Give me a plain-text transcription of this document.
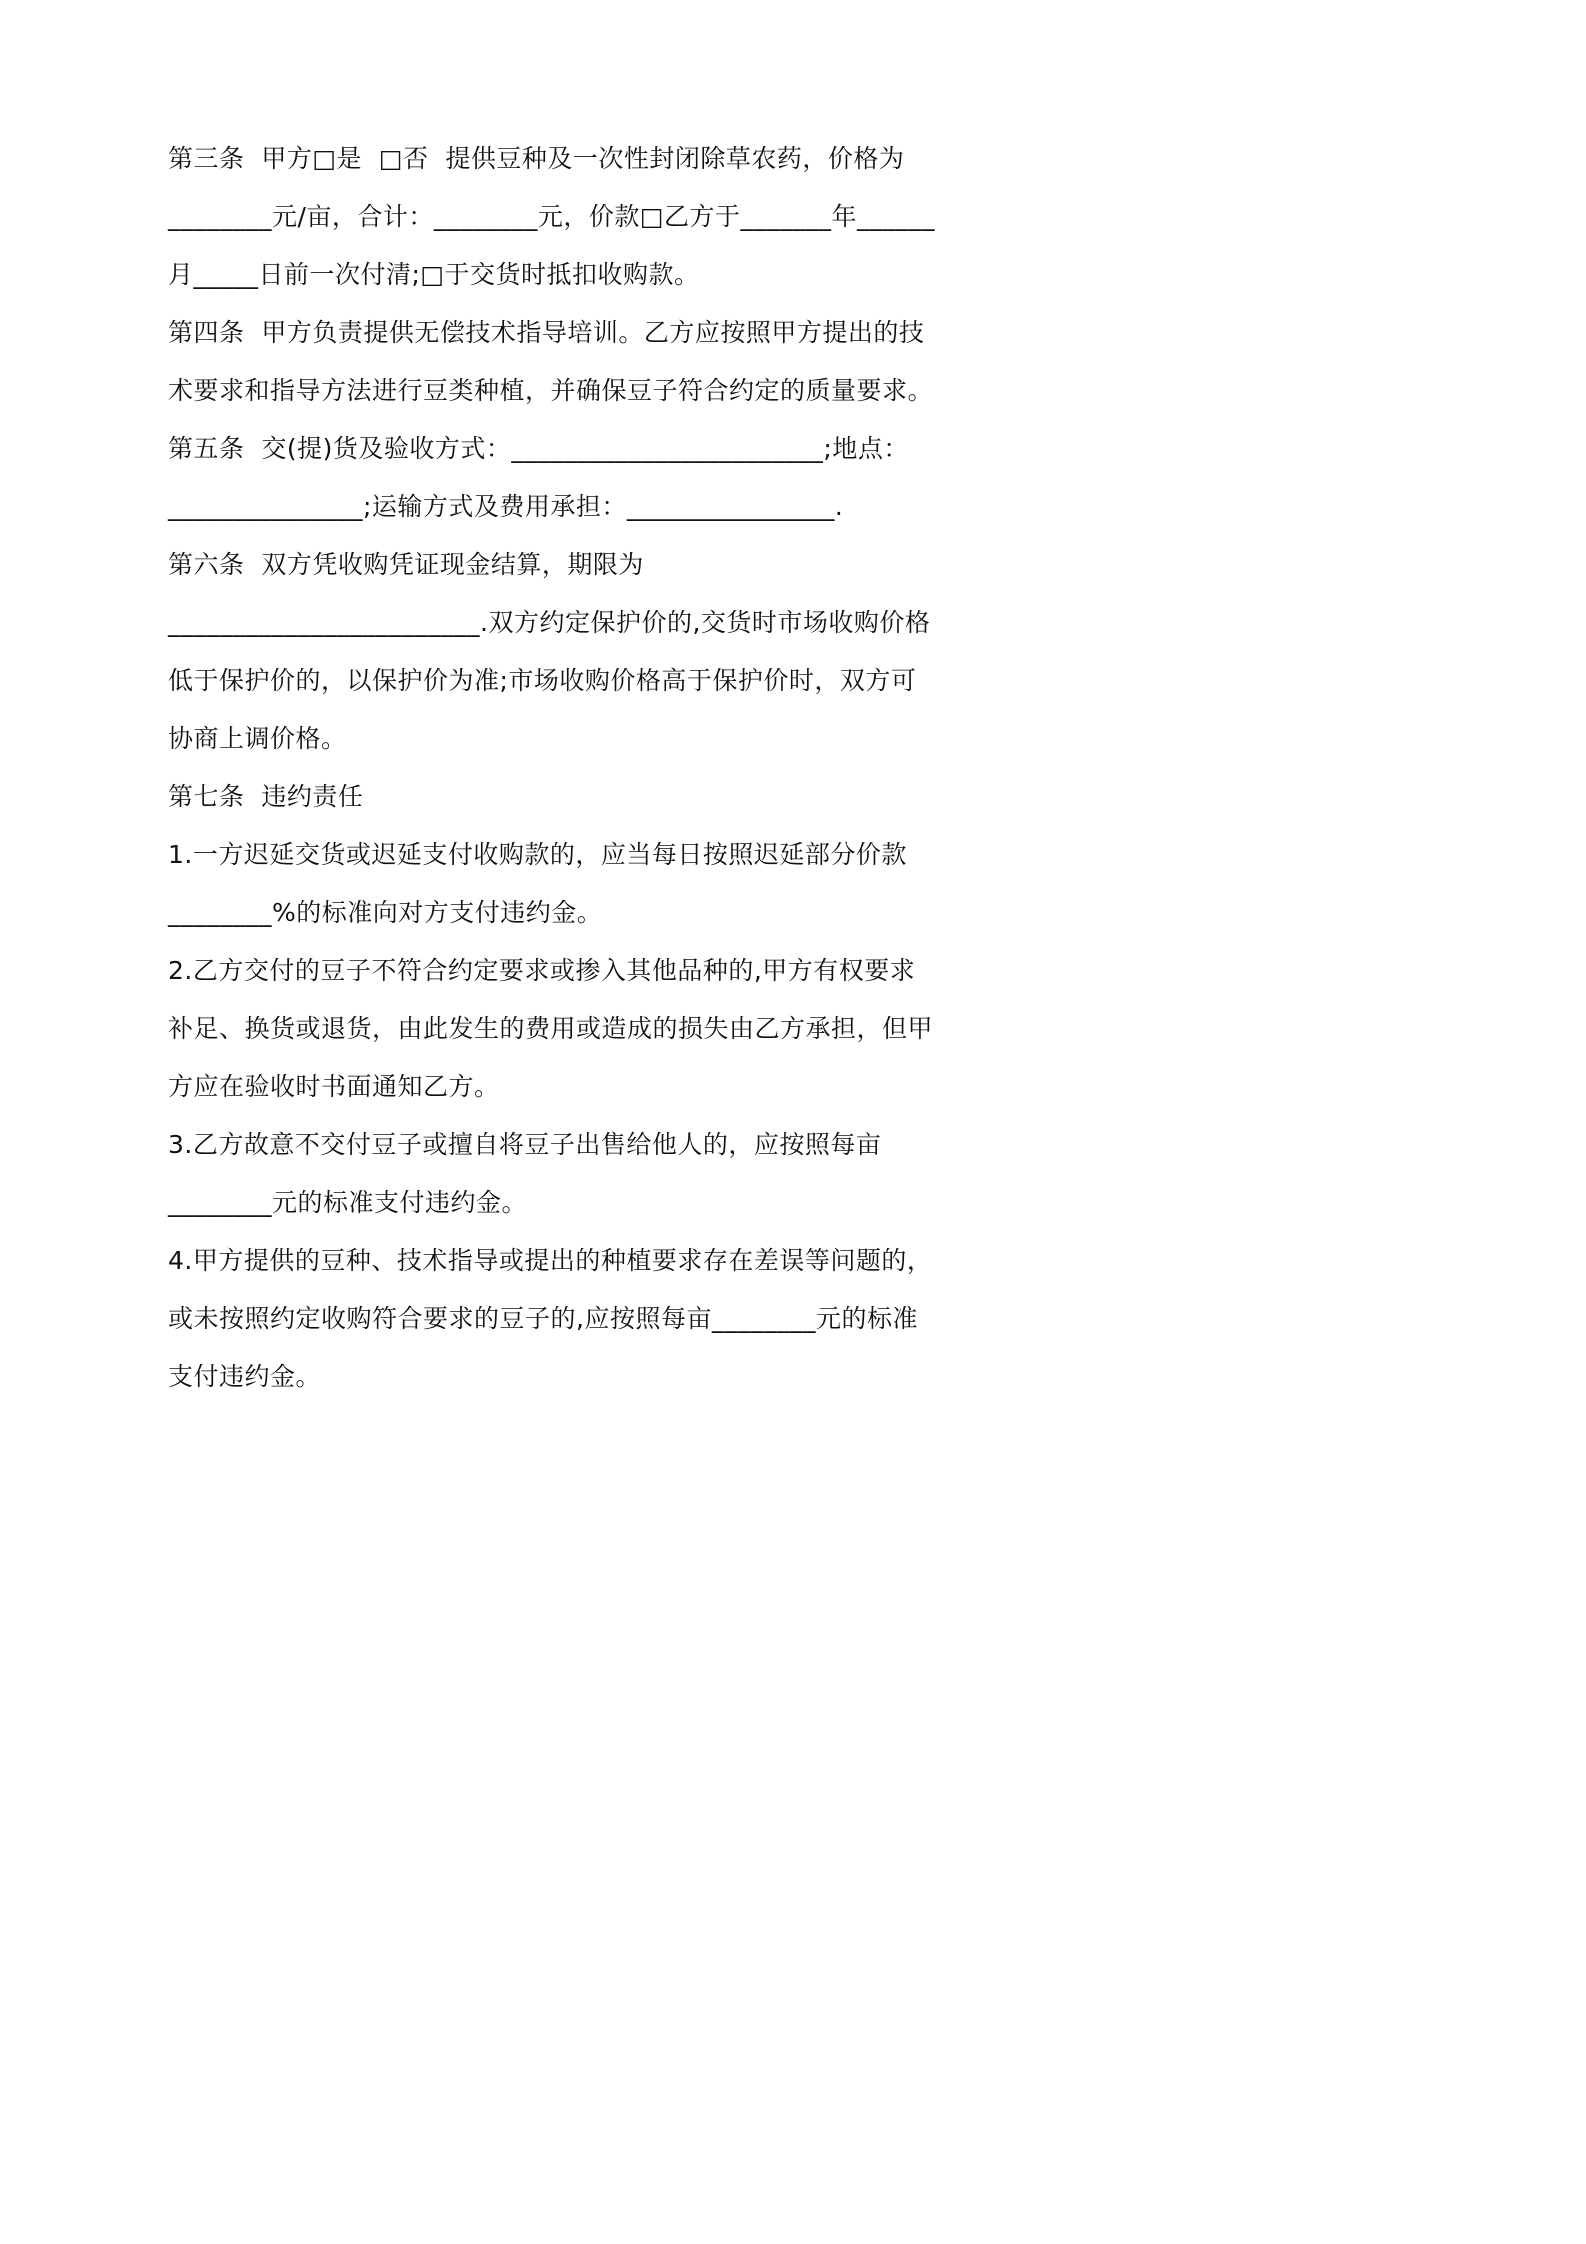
第三条  甲方□是  □否  提供豆种及一次性封闭除草农药，价格为
________元/亩，合计：________元，价款□乙方于_______年______
月_____日前一次付清;□于交货时抵扣收购款。
第四条  甲方负责提供无偿技术指导培训。乙方应按照甲方提出的技
术要求和指导方法进行豆类种植，并确保豆子符合约定的质量要求。
第五条  交(提)货及验收方式：________________________;地点：
_______________;运输方式及费用承担：________________.
第六条  双方凭收购凭证现金结算，期限为
________________________.双方约定保护价的,交货时市场收购价格
低于保护价的，以保护价为准;市场收购价格高于保护价时，双方可
协商上调价格。
第七条  违约责任
1.一方迟延交货或迟延支付收购款的，应当每日按照迟延部分价款
________%的标准向对方支付违约金。
2.乙方交付的豆子不符合约定要求或掺入其他品种的,甲方有权要求
补足、换货或退货，由此发生的费用或造成的损失由乙方承担，但甲
方应在验收时书面通知乙方。
3.乙方故意不交付豆子或擅自将豆子出售给他人的，应按照每亩
________元的标准支付违约金。
4.甲方提供的豆种、技术指导或提出的种植要求存在差误等问题的，
或未按照约定收购符合要求的豆子的,应按照每亩________元的标准
支付违约金。
